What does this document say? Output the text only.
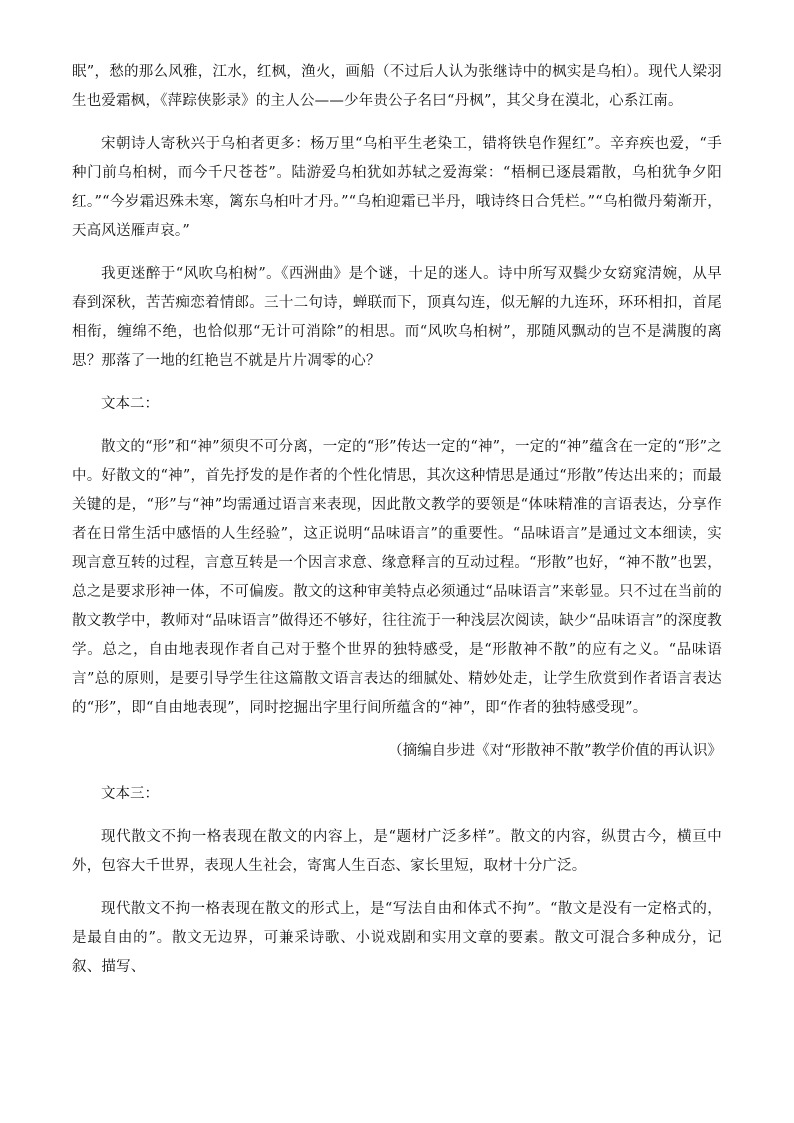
眠”，愁的那么风雅，江水，红枫，渔火，画船（不过后人认为张继诗中的枫实是乌桕）。现代人梁羽生也爱霜枫，《萍踪侠影录》的主人公——少年贵公子名曰“丹枫”，其父身在漠北，心系江南。

宋朝诗人寄秋兴于乌桕者更多：杨万里“乌桕平生老染工，错将铁皂作猩红”。辛弃疾也爱，“手种门前乌桕树，而今千尺苍苍”。陆游爱乌桕犹如苏轼之爱海棠：“梧桐已逐晨霜散，乌桕犹争夕阳红。”“今岁霜迟殊未寒，篱东乌桕叶才丹。”“乌桕迎霜已半丹，哦诗终日合凭栏。”“乌桕微丹菊渐开，天高风送雁声哀。”

我更迷醉于“风吹乌桕树”。《西洲曲》是个谜，十足的迷人。诗中所写双鬓少女窈窕清婉，从早春到深秋，苦苦痴恋着情郎。三十二句诗，蝉联而下，顶真勾连，似无解的九连环，环环相扣，首尾相衔，缠绵不绝，也恰似那“无计可消除”的相思。而“风吹乌桕树”，那随风飘动的岂不是满腹的离思？那落了一地的红艳岂不就是片片凋零的心？

文本二：

散文的“形”和“神”须臾不可分离，一定的“形”传达一定的“神”，一定的“神”蕴含在一定的“形”之中。好散文的“神”，首先抒发的是作者的个性化情思，其次这种情思是通过“形散”传达出来的；而最关键的是，“形”与“神”均需通过语言来表现，因此散文教学的要领是“体味精准的言语表达，分享作者在日常生活中感悟的人生经验”，这正说明“品味语言”的重要性。“品味语言”是通过文本细读，实现言意互转的过程，言意互转是一个因言求意、缘意释言的互动过程。“形散”也好，“神不散”也罢，总之是要求形神一体，不可偏废。散文的这种审美特点必须通过“品味语言”来彰显。只不过在当前的散文教学中，教师对“品味语言”做得还不够好，往往流于一种浅层次阅读，缺少“品味语言”的深度教学。总之，自由地表现作者自己对于整个世界的独特感受，是“形散神不散”的应有之义。“品味语言”总的原则，是要引导学生往这篇散文语言表达的细腻处、精妙处走，让学生欣赏到作者语言表达的“形”，即“自由地表现”，同时挖掘出字里行间所蕴含的“神”，即“作者的独特感受现”。

（摘编自步进《对“形散神不散”教学价值的再认识》

文本三：

现代散文不拘一格表现在散文的内容上，是“题材广泛多样”。散文的内容，纵贯古今，横亘中外，包容大千世界，表现人生社会，寄寓人生百态、家长里短，取材十分广泛。

现代散文不拘一格表现在散文的形式上，是“写法自由和体式不拘”。“散文是没有一定格式的，是最自由的”。散文无边界，可兼采诗歌、小说戏剧和实用文章的要素。散文可混合多种成分，记叙、描写、
